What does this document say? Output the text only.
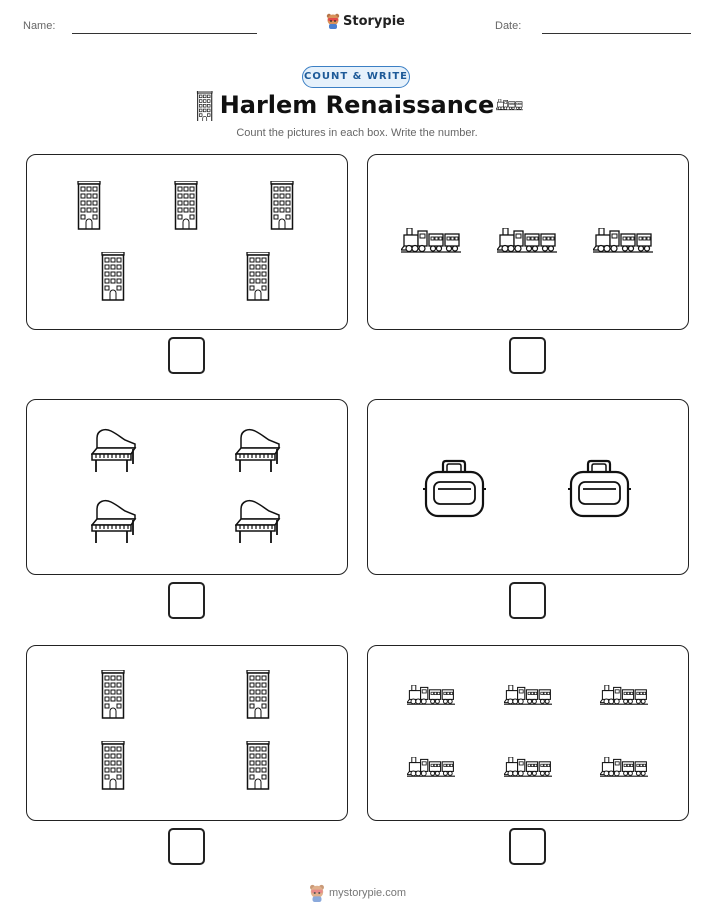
Name:	Storypie	Date:
COUNT & WRITE
Harlem Renaissance
Count the pictures in each box. Write the number.
mystorypie.com
